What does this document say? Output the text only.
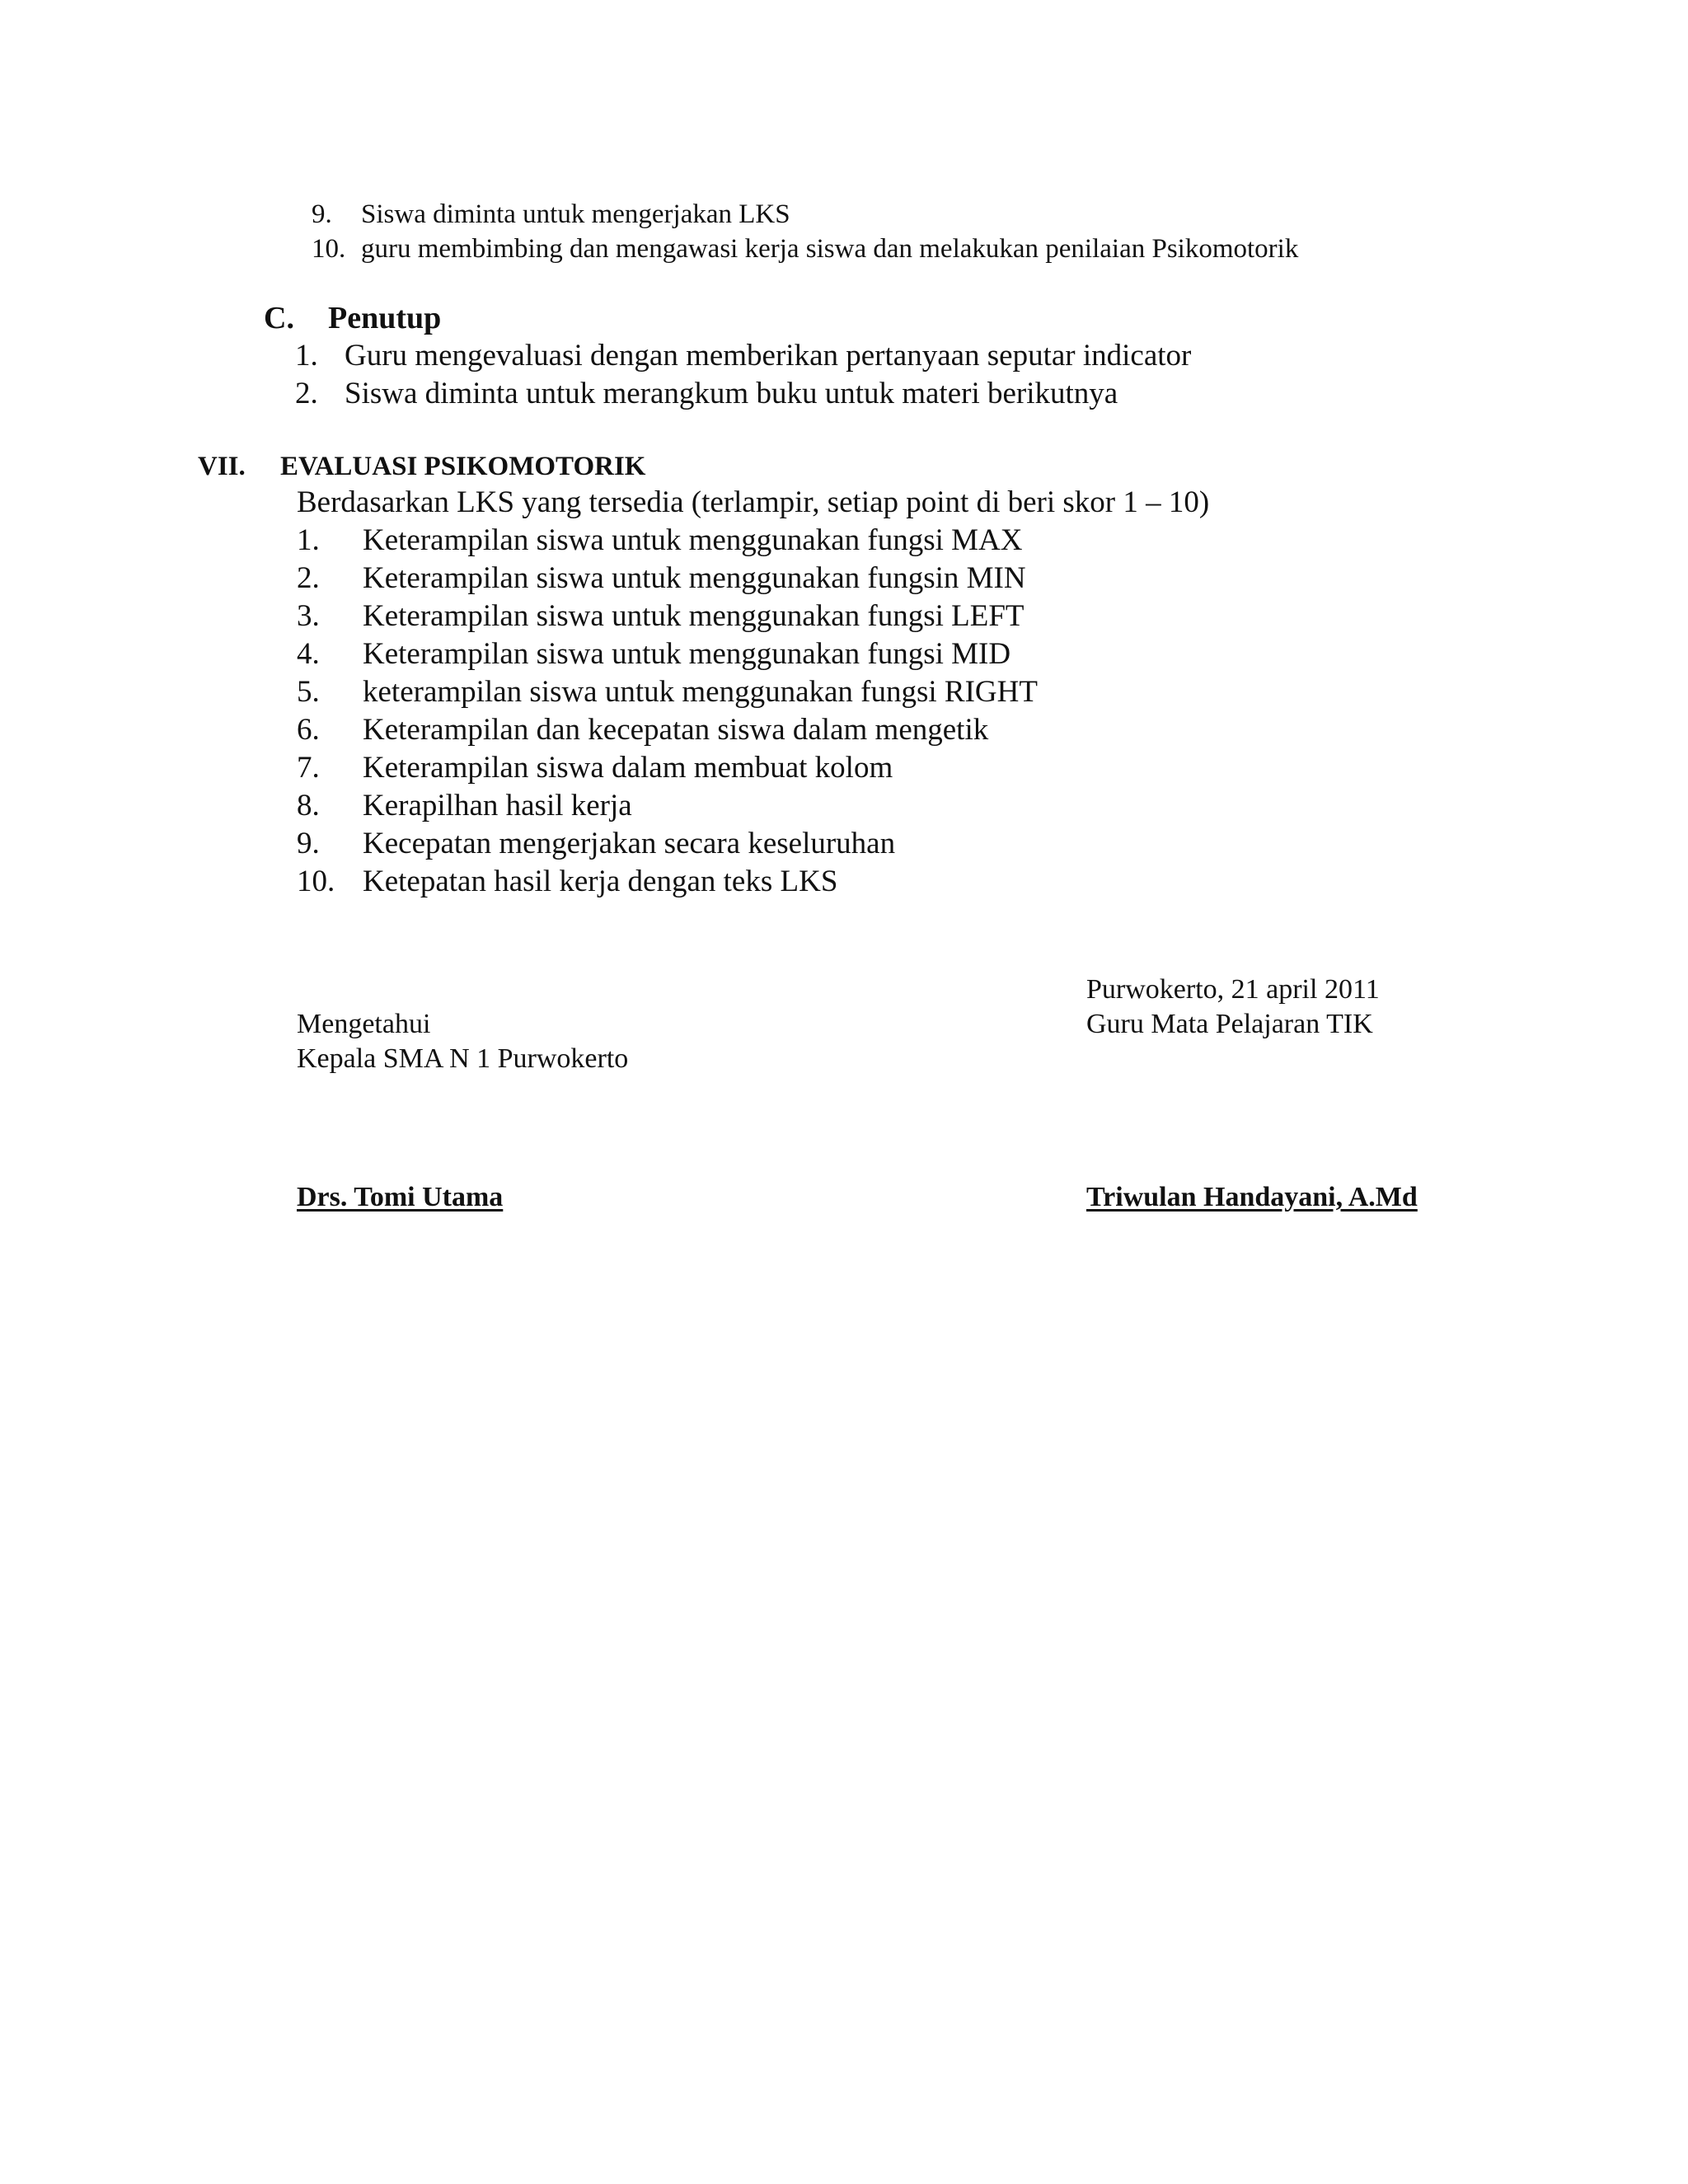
9. Siswa diminta untuk mengerjakan LKS
10. guru membimbing dan mengawasi kerja siswa dan melakukan penilaian Psikomotorik
C. Penutup
1. Guru mengevaluasi dengan memberikan pertanyaan seputar indicator
2. Siswa diminta untuk merangkum buku untuk materi berikutnya
VII. EVALUASI PSIKOMOTORIK
Berdasarkan LKS yang tersedia (terlampir, setiap point di beri skor 1 – 10)
1. Keterampilan siswa untuk menggunakan fungsi MAX
2. Keterampilan siswa untuk menggunakan fungsin MIN
3. Keterampilan siswa untuk menggunakan fungsi LEFT
4. Keterampilan siswa untuk menggunakan fungsi MID
5. keterampilan siswa untuk menggunakan fungsi RIGHT
6. Keterampilan dan kecepatan siswa dalam mengetik
7. Keterampilan siswa dalam membuat kolom
8. Kerapilhan hasil kerja
9. Kecepatan mengerjakan secara keseluruhan
10. Ketepatan hasil kerja dengan teks LKS
Purwokerto, 21 april 2011
Mengetahui	Guru Mata Pelajaran TIK
Kepala SMA N 1 Purwokerto
Drs. Tomi Utama	Triwulan Handayani, A.Md
